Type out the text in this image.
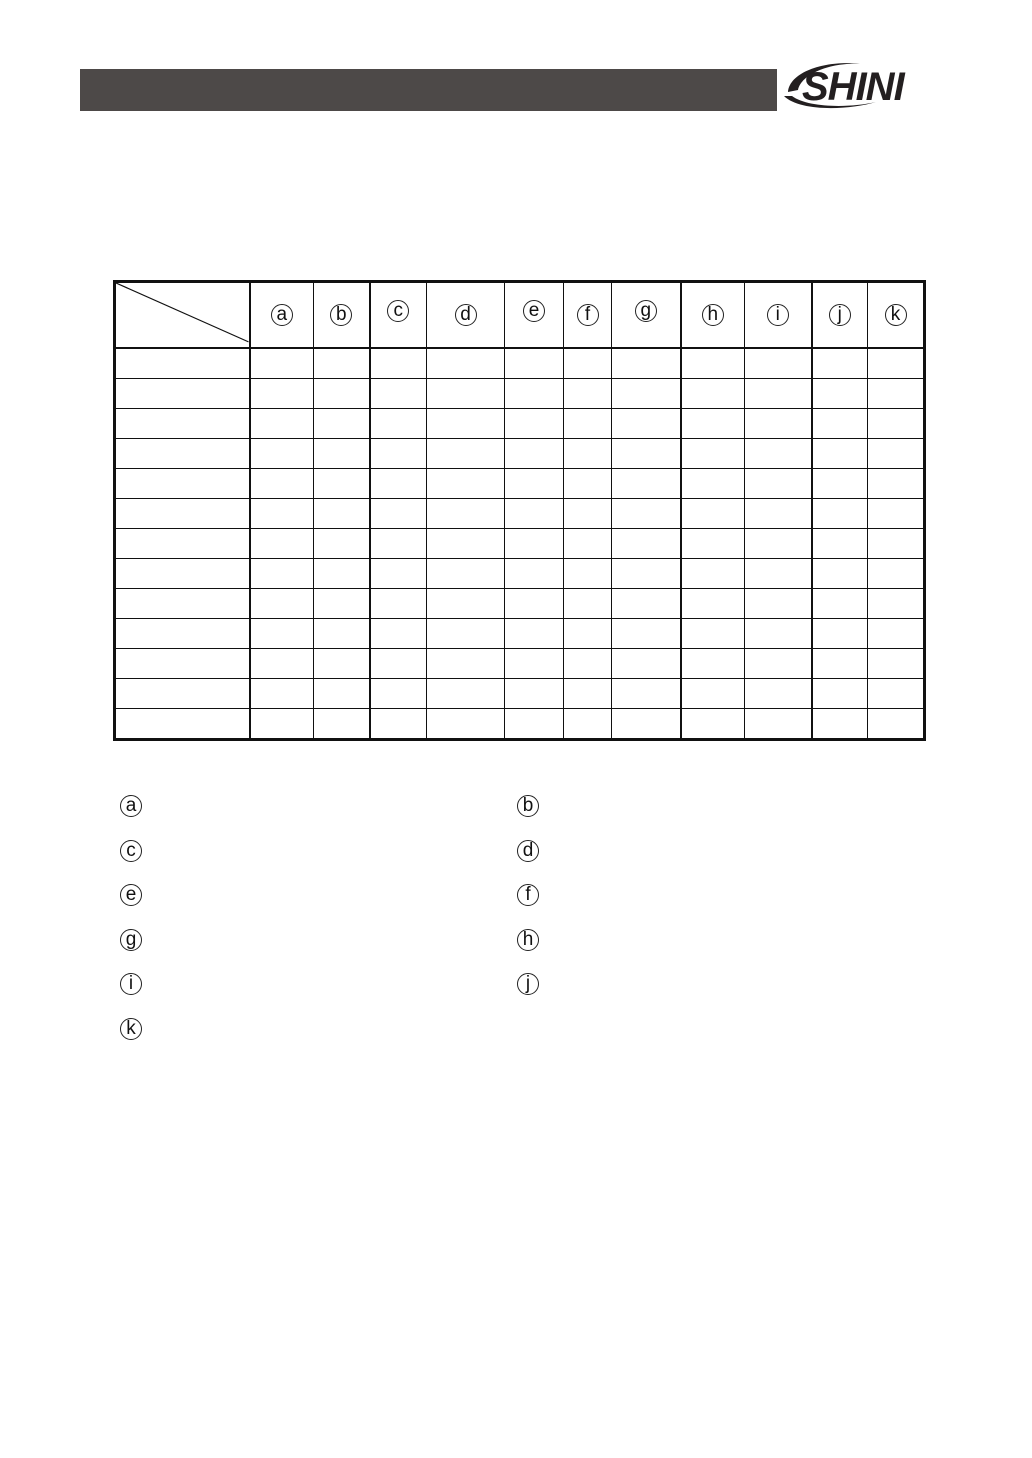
SHINI
	a	b	c	d	e	f	g	h	i	j	k

a	b
c	d
e	f
g	h
i	j
k
